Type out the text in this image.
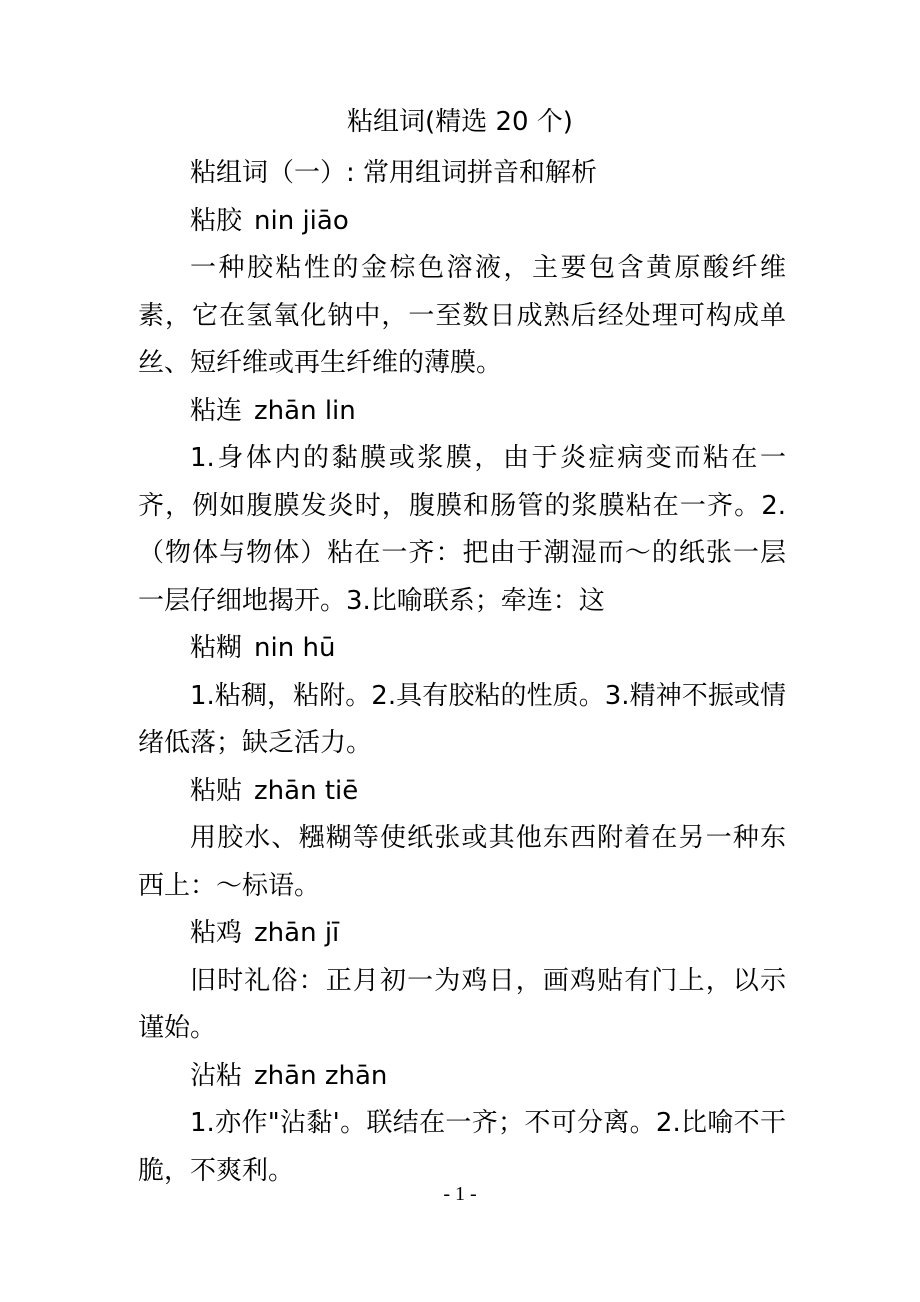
粘组词(精选 20 个)

粘组词（一）: 常用组词拼音和解析

粘胶 nin jiāo

一种胶粘性的金棕色溶液，主要包含黄原酸纤维素，它在氢氧化钠中，一至数日成熟后经处理可构成单丝、短纤维或再生纤维的薄膜。

粘连 zhān lin

1.身体内的黏膜或浆膜，由于炎症病变而粘在一齐，例如腹膜发炎时，腹膜和肠管的浆膜粘在一齐。2.（物体与物体）粘在一齐：把由于潮湿而～的纸张一层一层仔细地揭开。3.比喻联系；牵连：这

粘糊 nin hū

1.粘稠，粘附。2.具有胶粘的性质。3.精神不振或情绪低落；缺乏活力。

粘贴 zhān tiē

用胶水、糨糊等使纸张或其他东西附着在另一种东西上：～标语。

粘鸡 zhān jī

旧时礼俗：正月初一为鸡日，画鸡贴有门上，以示谨始。

沾粘 zhān zhān

1.亦作"沾黏'。联结在一齐；不可分离。2.比喻不干脆，不爽利。

- 1 -
